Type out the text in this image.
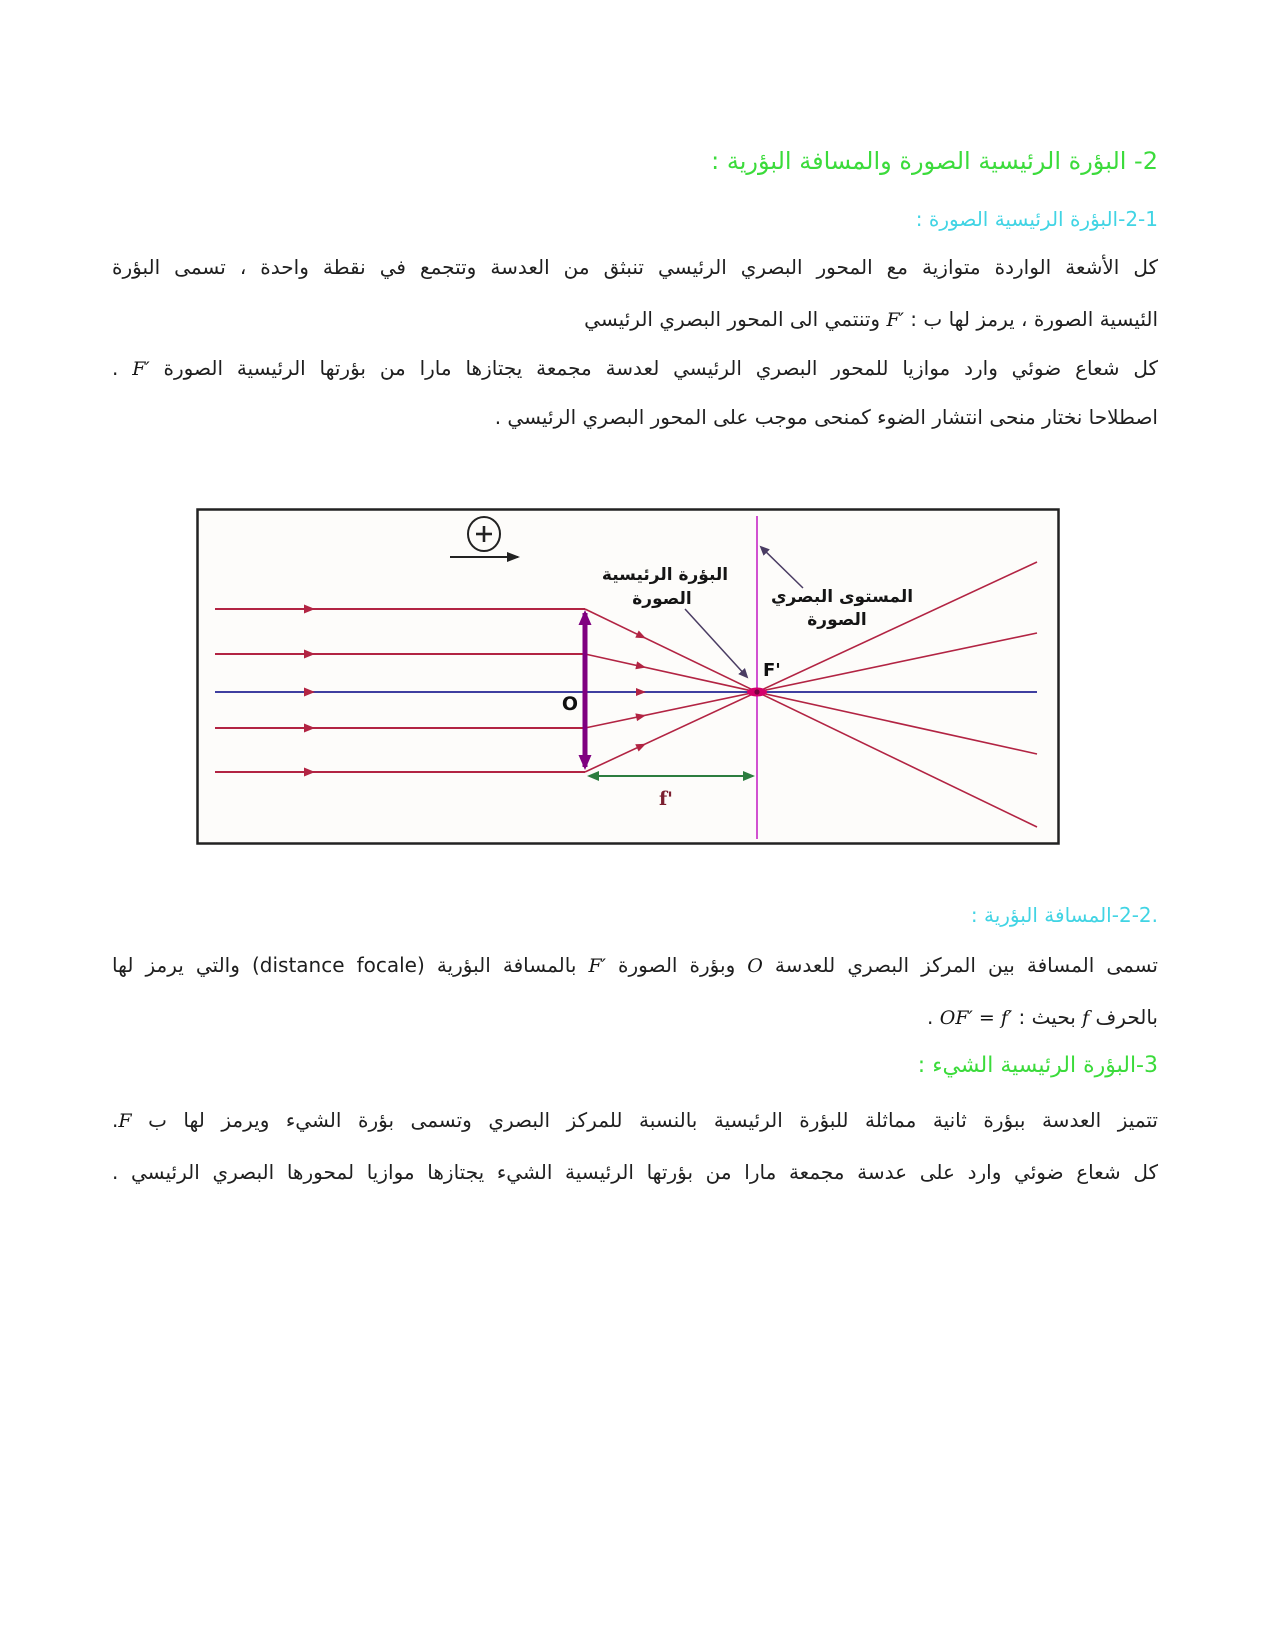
2- البؤرة الرئيسية الصورة والمسافة البؤرية :
2-1-البؤرة الرئيسية الصورة :

كل الأشعة الواردة متوازية مع المحور البصري الرئيسي تنبثق من العدسة وتتجمع في نقطة واحدة ، تسمى البؤرة

الئيسية الصورة ، يرمز لها ب : F′ وتنتمي الى المحور البصري الرئيسي

كل شعاع ضوئي وارد موازيا للمحور البصري الرئيسي لعدسة مجمعة يجتازها مارا من بؤرتها الرئيسية الصورة F′ .

اصطلاحا نختار منحى انتشار الضوء كمنحى موجب على المحور البصري الرئيسي .

البؤرة الرئيسية
الصورة	المستوى البصري
الصورة
O
F'
f'
.2-2-المسافة البؤرية :

تسمى المسافة بين المركز البصري للعدسة O وبؤرة الصورة F′ بالمسافة البؤرية (distance focale) والتي يرمز لها

بالحرف f بحيث : OF′ = f′ .

3-البؤرة الرئيسية الشيء :

تتميز العدسة ببؤرة ثانية مماثلة للبؤرة الرئيسية بالنسبة للمركز البصري وتسمى بؤرة الشيء ويرمز لها ب F.

كل شعاع ضوئي وارد على عدسة مجمعة مارا من بؤرتها الرئيسية الشيء يجتازها موازيا لمحورها البصري الرئيسي .
